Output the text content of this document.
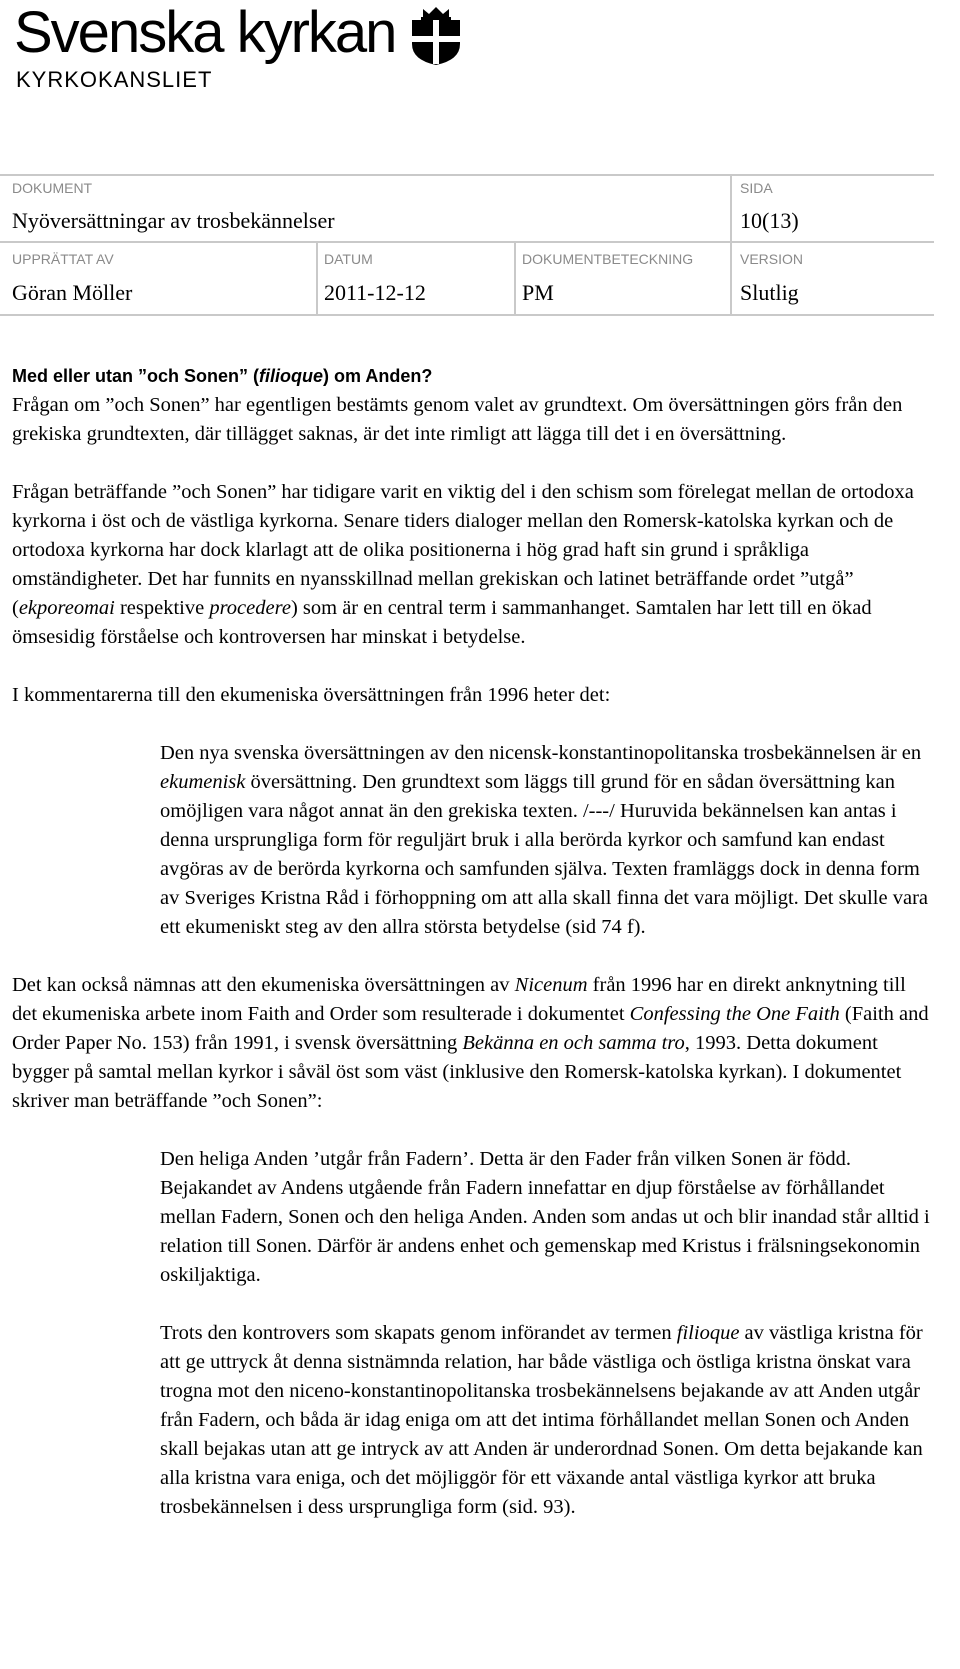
Svenska kyrkan
KYRKOKANSLIET
DOKUMENT
Nyöversättningar av trosbekännelser
SIDA
10(13)
UPPRÄTTAT AV
Göran Möller
DATUM
2011-12-12
DOKUMENTBETECKNING
PM
VERSION
Slutlig

Med eller utan ”och Sonen” (filioque) om Anden?

Frågan om ”och Sonen” har egentligen bestämts genom valet av grundtext. Om översättningen görs från den grekiska grundtexten, där tillägget saknas, är det inte rimligt att lägga till det i en översättning.

Frågan beträffande ”och Sonen” har tidigare varit en viktig del i den schism som förelegat mellan de ortodoxa kyrkorna i öst och de västliga kyrkorna. Senare tiders dialoger mellan den Romersk-katolska kyrkan och de ortodoxa kyrkorna har dock klarlagt att de olika positionerna i hög grad haft sin grund i språkliga omständigheter. Det har funnits en nyansskillnad mellan grekiskan och latinet beträffande ordet ”utgå” (ekporeomai respektive procedere) som är en central term i sammanhanget. Samtalen har lett till en ökad ömsesidig förståelse och kontroversen har minskat i betydelse.

I kommentarerna till den ekumeniska översättningen från 1996 heter det:

Den nya svenska översättningen av den nicensk-konstantinopolitanska trosbekännelsen är en ekumenisk översättning. Den grundtext som läggs till grund för en sådan översättning kan omöjligen vara något annat än den grekiska texten. /---/ Huruvida bekännelsen kan antas i denna ursprungliga form för reguljärt bruk i alla berörda kyrkor och samfund kan endast avgöras av de berörda kyrkorna och samfunden själva. Texten framläggs dock in denna form av Sveriges Kristna Råd i förhoppning om att alla skall finna det vara möjligt. Det skulle vara ett ekumeniskt steg av den allra största betydelse (sid 74 f).

Det kan också nämnas att den ekumeniska översättningen av Nicenum från 1996 har en direkt anknytning till det ekumeniska arbete inom Faith and Order som resulterade i dokumentet Confessing the One Faith (Faith and Order Paper No. 153) från 1991, i svensk översättning Bekänna en och samma tro, 1993. Detta dokument bygger på samtal mellan kyrkor i såväl öst som väst (inklusive den Romersk-katolska kyrkan). I dokumentet skriver man beträffande ”och Sonen”:

Den heliga Anden ’utgår från Fadern’. Detta är den Fader från vilken Sonen är född. Bejakandet av Andens utgående från Fadern innefattar en djup förståelse av förhållandet mellan Fadern, Sonen och den heliga Anden. Anden som andas ut och blir inandad står alltid i relation till Sonen. Därför är andens enhet och gemenskap med Kristus i frälsningsekonomin oskiljaktiga.

Trots den kontrovers som skapats genom införandet av termen filioque av västliga kristna för att ge uttryck åt denna sistnämnda relation, har både västliga och östliga kristna önskat vara trogna mot den niceno-konstantinopolitanska trosbekännelsens bejakande av att Anden utgår från Fadern, och båda är idag eniga om att det intima förhållandet mellan Sonen och Anden skall bejakas utan att ge intryck av att Anden är underordnad Sonen. Om detta bejakande kan alla kristna vara eniga, och det möjliggör för ett växande antal västliga kyrkor att bruka trosbekännelsen i dess ursprungliga form (sid. 93).
